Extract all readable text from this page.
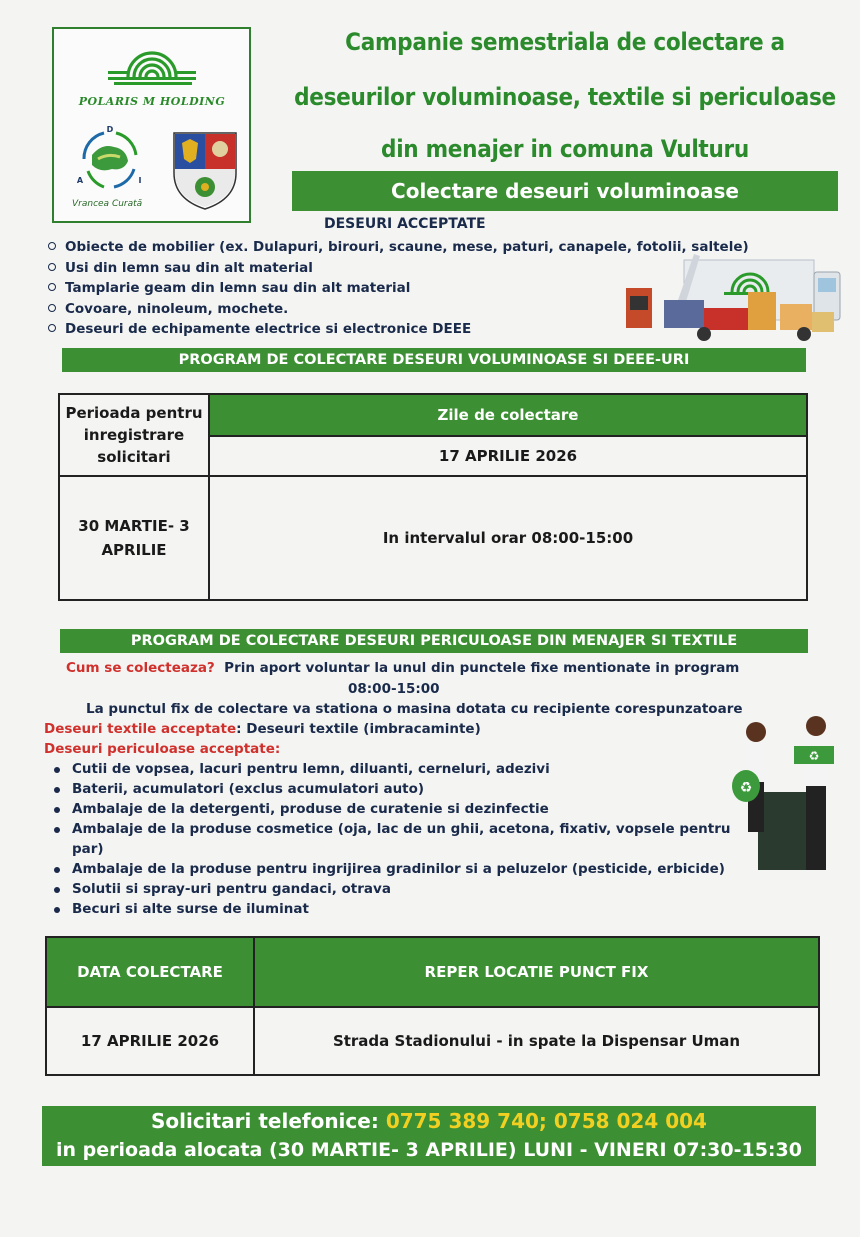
POLARIS M HOLDING
D
A	I
Vrancea Curată
Campanie semestriala de colectare a
deseurilor voluminoase, textile si periculoase
din menajer in comuna Vulturu
Colectare deseuri voluminoase
DESEURI ACCEPTATE
Obiecte de mobilier (ex. Dulapuri, birouri, scaune, mese, paturi, canapele, fotolii, saltele)
Usi din lemn sau din alt material
Tamplarie geam din lemn sau din alt material
Covoare, ninoleum, mochete.
Deseuri de echipamente electrice si electronice DEEE
PROGRAM DE COLECTARE DESEURI VOLUMINOASE SI DEEE-URI
Perioada pentru inregistrare solicitari	Zile de colectare
	17 APRILIE 2026
30 MARTIE- 3 APRILIE	In intervalul orar 08:00-15:00
PROGRAM DE COLECTARE DESEURI PERICULOASE DIN MENAJER SI TEXTILE
Cum se colecteaza? Prin aport voluntar la unul din punctele fixe mentionate in program
08:00-15:00
La punctul fix de colectare va stationa o masina dotata cu recipiente corespunzatoare
Deseuri textile acceptate: Deseuri textile (imbracaminte)
Deseuri periculoase acceptate:
Cutii de vopsea, lacuri pentru lemn, diluanti, cerneluri, adezivi
Baterii, acumulatori (exclus acumulatori auto)
Ambalaje de la detergenti, produse de curatenie si dezinfectie
Ambalaje de la produse cosmetice (oja, lac de un ghii, acetona, fixativ, vopsele pentru par)
Ambalaje de la produse pentru ingrijirea gradinilor si a peluzelor (pesticide, erbicide)
Solutii si spray-uri pentru gandaci, otrava
Becuri si alte surse de iluminat
♻
♻
DATA COLECTARE	REPER LOCATIE PUNCT FIX
17 APRILIE 2026	Strada Stadionului - in spate la Dispensar Uman
Solicitari telefonice: 0775 389 740; 0758 024 004
in perioada alocata (30 MARTIE- 3 APRILIE) LUNI - VINERI 07:30-15:30
